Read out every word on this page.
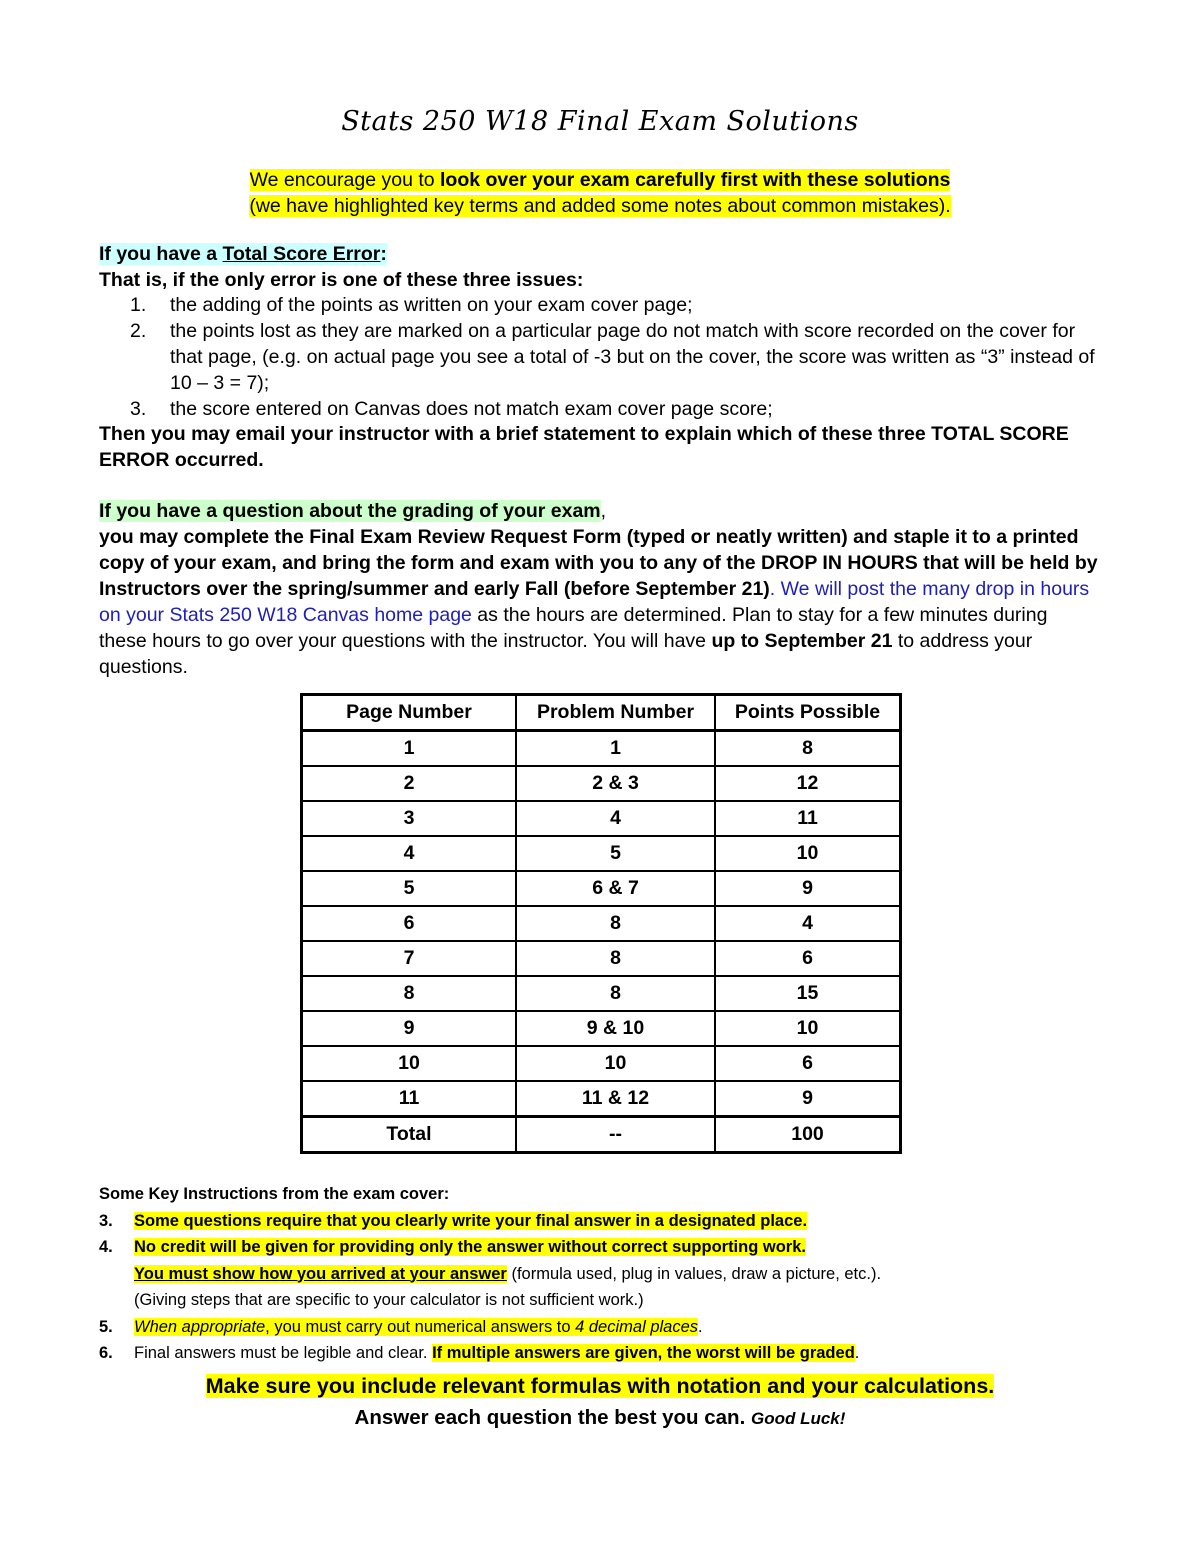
Stats 250 W18 Final Exam Solutions
We encourage you to look over your exam carefully first with these solutions
(we have highlighted key terms and added some notes about common mistakes).
If you have a Total Score Error:
That is, if the only error is one of these three issues:
1. the adding of the points as written on your exam cover page;
2. the points lost as they are marked on a particular page do not match with score recorded on the cover for that page, (e.g. on actual page you see a total of -3 but on the cover, the score was written as “3” instead of 10 – 3 = 7);
3. the score entered on Canvas does not match exam cover page score;
Then you may email your instructor with a brief statement to explain which of these three TOTAL SCORE ERROR occurred.
If you have a question about the grading of your exam,
you may complete the Final Exam Review Request Form (typed or neatly written) and staple it to a printed copy of your exam, and bring the form and exam with you to any of the DROP IN HOURS that will be held by Instructors over the spring/summer and early Fall (before September 21). We will post the many drop in hours on your Stats 250 W18 Canvas home page as the hours are determined. Plan to stay for a few minutes during these hours to go over your questions with the instructor. You will have up to September 21 to address your questions.
Page Number	Problem Number	Points Possible
1	1	8
2	2 & 3	12
3	4	11
4	5	10
5	6 & 7	9
6	8	4
7	8	6
8	8	15
9	9 & 10	10
10	10	6
11	11 & 12	9
Total	--	100
Some Key Instructions from the exam cover:
3. Some questions require that you clearly write your final answer in a designated place.
4. No credit will be given for providing only the answer without correct supporting work.
You must show how you arrived at your answer (formula used, plug in values, draw a picture, etc.).
(Giving steps that are specific to your calculator is not sufficient work.)
5. When appropriate, you must carry out numerical answers to 4 decimal places.
6. Final answers must be legible and clear. If multiple answers are given, the worst will be graded.
Make sure you include relevant formulas with notation and your calculations.
Answer each question the best you can. Good Luck!
